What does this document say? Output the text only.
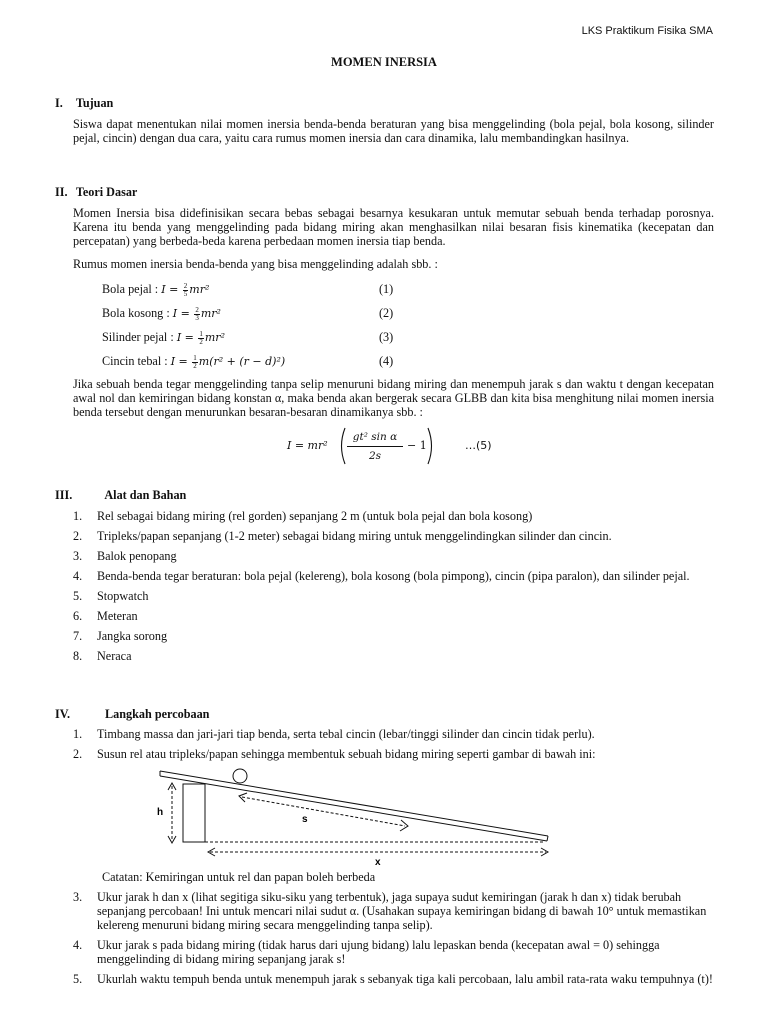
LKS Praktikum Fisika SMA
MOMEN INERSIA
I. Tujuan
Siswa dapat menentukan nilai momen inersia benda-benda beraturan yang bisa menggelinding (bola pejal, bola kosong, silinder pejal, cincin) dengan dua cara, yaitu cara rumus momen inersia dan cara dinamika, lalu membandingkan hasilnya.
II. Teori Dasar
Momen Inersia bisa didefinisikan secara bebas sebagai besarnya kesukaran untuk memutar sebuah benda terhadap porosnya. Karena itu benda yang menggelinding pada bidang miring akan menghasilkan nilai besaran fisis kinematika (kecepatan dan percepatan) yang berbeda-beda karena perbedaan momen inersia tiap benda.
Rumus momen inersia benda-benda yang bisa menggelinding adalah sbb. :
Bola pejal : $I = \frac{2}{5} mr^2$	(1)
Bola kosong : $I = \frac{2}{3} mr^2$	(2)
Silinder pejal : $I = \frac{1}{2} mr^2$	(3)
Cincin tebal : $I = \frac{1}{2} m(r^2 + (r - d)^2)$	(4)
Jika sebuah benda tegar menggelinding tanpa selip menuruni bidang miring dan menempuh jarak s dan waktu t dengan kecepatan awal nol dan kemiringan bidang konstan α, maka benda akan bergerak secara GLBB dan kita bisa menghitung nilai momen inersia benda tersebut dengan menurunkan besaran-besaran dinamikanya sbb. :
$I = mr^2 \frac{\text{gt² sin α}}{2s} - 1$	…(5)
III.	Alat dan Bahan
1. Rel sebagai bidang miring (rel gorden) sepanjang 2 m (untuk bola pejal dan bola kosong)
2. Tripleks/papan sepanjang (1-2 meter) sebagai bidang miring untuk menggelindingkan silinder dan cincin.
3. Balok penopang
4. Benda-benda tegar beraturan: bola pejal (kelereng), bola kosong (bola pimpong), cincin (pipa paralon), dan silinder pejal.
5. Stopwatch
6. Meteran
7. Jangka sorong
8. Neraca
IV.	Langkah percobaan
1. Timbang massa dan jari-jari tiap benda, serta tebal cincin (lebar/tinggi silinder dan cincin tidak perlu).
2. Susun rel atau tripleks/papan sehingga membentuk sebuah bidang miring seperti gambar di bawah ini:
h
s
x
Catatan: Kemiringan untuk rel dan papan boleh berbeda
3. Ukur jarak h dan x (lihat segitiga siku-siku yang terbentuk), jaga supaya sudut kemiringan (jarak h dan x) tidak berubah sepanjang percobaan! Ini untuk mencari nilai sudut α. (Usahakan supaya kemiringan bidang di bawah 10° untuk memastikan kelereng menuruni bidang miring secara menggelinding tanpa selip).
4. Ukur jarak s pada bidang miring (tidak harus dari ujung bidang) lalu lepaskan benda (kecepatan awal = 0) sehingga menggelinding di bidang miring sepanjang jarak s!
5. Ukurlah waktu tempuh benda untuk menempuh jarak s sebanyak tiga kali percobaan, lalu ambil rata-rata waku tempuhnya (t)!
